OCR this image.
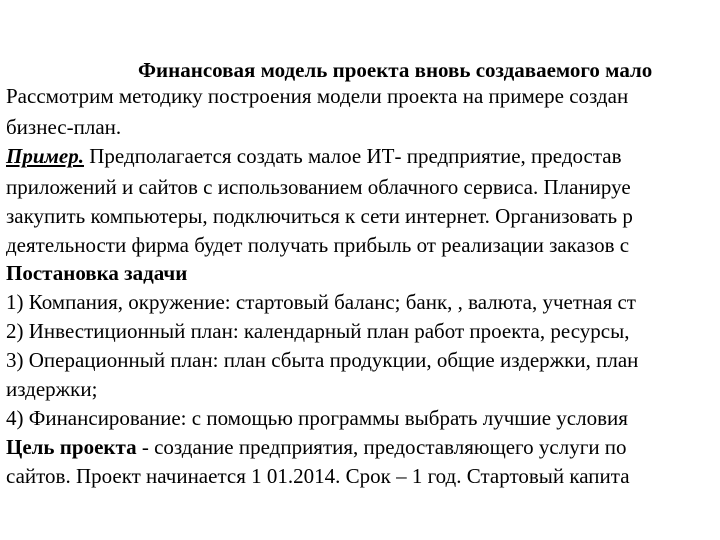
Финансовая модель проекта вновь создаваемого мало
Рассмотрим методику построения модели проекта на примере создан
бизнес-план.
Пример. Предполагается создать малое ИТ- предприятие, предостав
приложений и сайтов с использованием облачного сервиса. Планируе
закупить компьютеры, подключиться к сети интернет. Организовать р
деятельности фирма будет получать прибыль от реализации заказов с
Постановка задачи
1) Компания, окружение: стартовый баланс; банк, , валюта, учетная ст
2) Инвестиционный план: календарный план работ проекта, ресурсы,
3) Операционный план: план сбыта продукции, общие издержки, план
издержки;
4) Финансирование: с помощью программы выбрать лучшие условия
Цель проекта - создание предприятия, предоставляющего услуги по
сайтов. Проект начинается 1 01.2014. Срок – 1 год. Стартовый капита
